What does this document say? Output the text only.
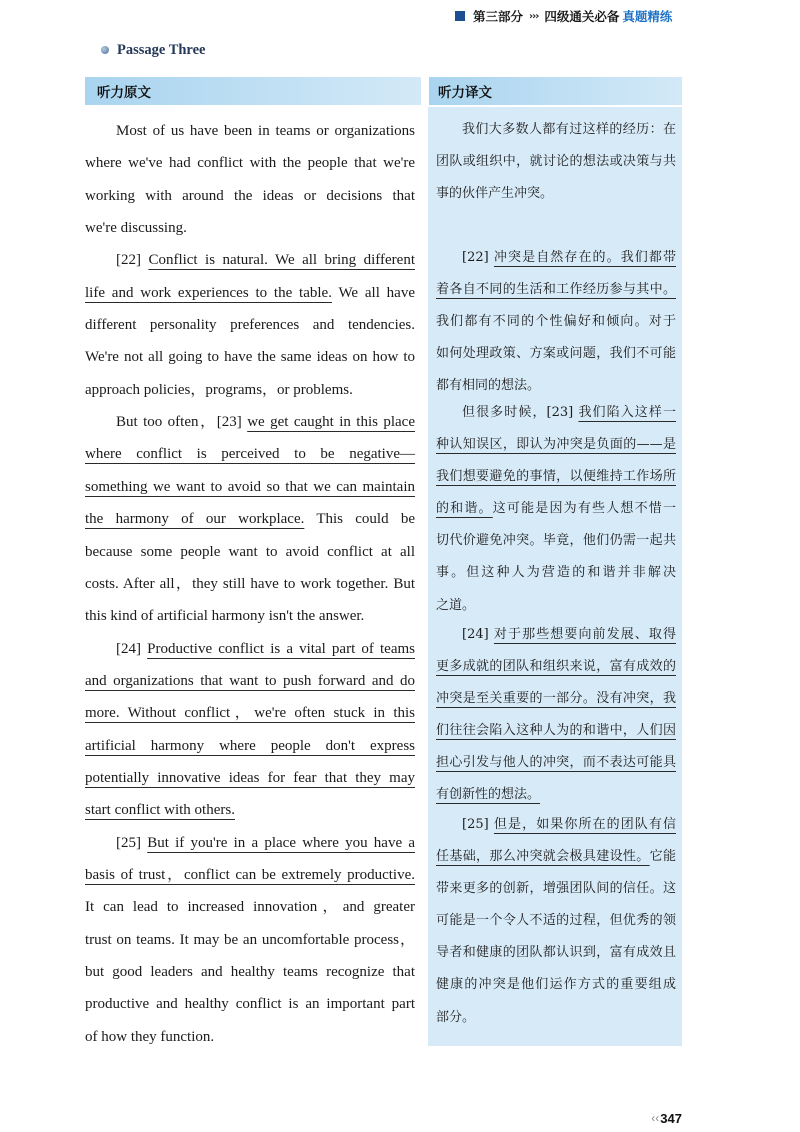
第三部分 ››› 四级通关必备 真题精练
Passage Three
听力原文	听力译文
Most of us have been in teams or organizations
where we've had conflict with the people that we're
working with around the ideas or decisions that
we're discussing.
[22] Conflict is natural. We all bring different
life and work experiences to the table. We all have
different personality preferences and tendencies.
We're not all going to have the same ideas on how to
approach policies，programs，or problems.
But too often，[23] we get caught in this place
where conflict is perceived to be negative—
something we want to avoid so that we can maintain
the harmony of our workplace. This could be
because some people want to avoid conflict at all
costs. After all，they still have to work together. But
this kind of artificial harmony isn't the answer.
[24] Productive conflict is a vital part of teams
and organizations that want to push forward and do
more. Without conflict，we're often stuck in this
artificial harmony where people don't express
potentially innovative ideas for fear that they may
start conflict with others.
[25] But if you're in a place where you have a
basis of trust，conflict can be extremely productive.
It can lead to increased innovation，and greater
trust on teams. It may be an uncomfortable process，
but good leaders and healthy teams recognize that
productive and healthy conflict is an important part
of how they function.
我们大多数人都有过这样的经历：在
团队或组织中，就讨论的想法或决策与共
事的伙伴产生冲突。
[22] 冲突是自然存在的。我们都带
着各自不同的生活和工作经历参与其中。
我们都有不同的个性偏好和倾向。对于
如何处理政策、方案或问题，我们不可能
都有相同的想法。
但很多时候，[23] 我们陷入这样一
种认知误区，即认为冲突是负面的——是
我们想要避免的事情，以便维持工作场所
的和谐。这可能是因为有些人想不惜一
切代价避免冲突。毕竟，他们仍需一起共
事。但这种人为营造的和谐并非解决
之道。
[24] 对于那些想要向前发展、取得
更多成就的团队和组织来说，富有成效的
冲突是至关重要的一部分。没有冲突，我
们往往会陷入这种人为的和谐中，人们因
担心引发与他人的冲突，而不表达可能具
有创新性的想法。
[25] 但是，如果你所在的团队有信
任基础，那么冲突就会极具建设性。它能
带来更多的创新，增强团队间的信任。这
可能是一个令人不适的过程，但优秀的领
导者和健康的团队都认识到，富有成效且
健康的冲突是他们运作方式的重要组成
部分。
‹‹ 347
